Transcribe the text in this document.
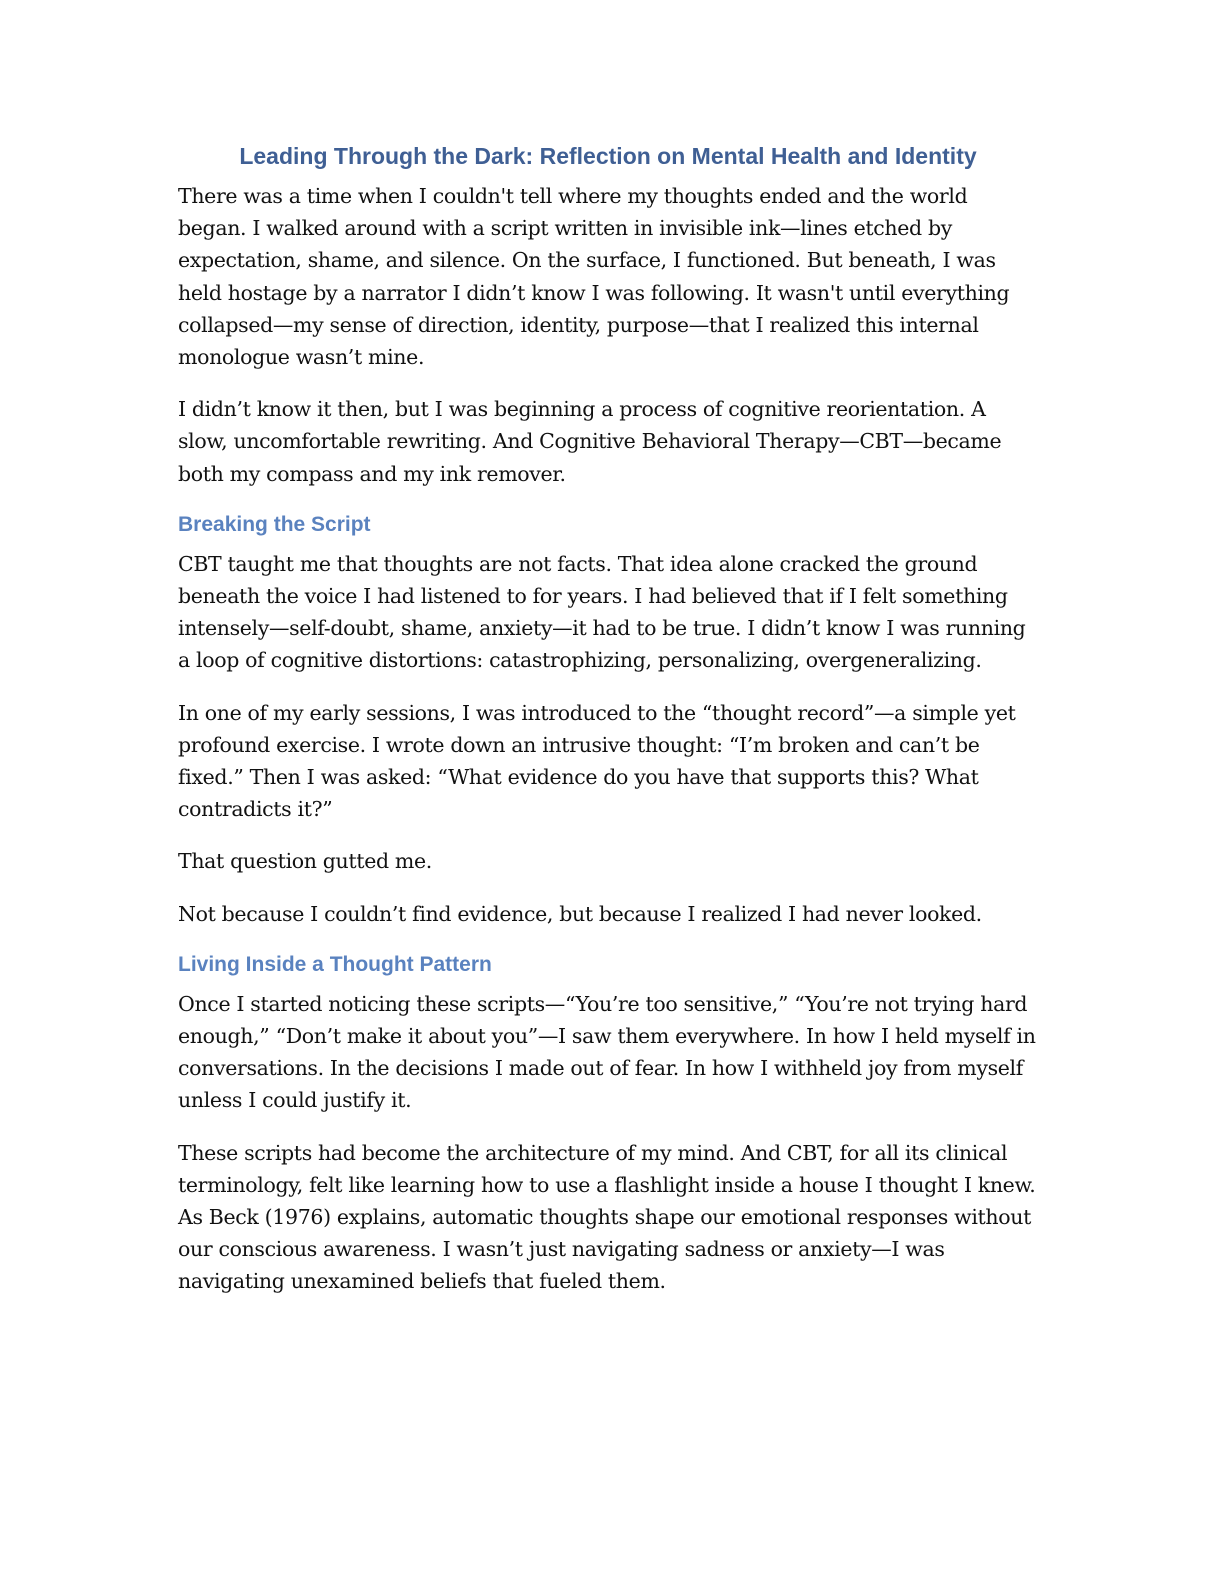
Leading Through the Dark: Reflection on Mental Health and Identity

There was a time when I couldn't tell where my thoughts ended and the world began. I walked around with a script written in invisible ink—lines etched by expectation, shame, and silence. On the surface, I functioned. But beneath, I was held hostage by a narrator I didn’t know I was following. It wasn't until everything collapsed—my sense of direction, identity, purpose—that I realized this internal monologue wasn’t mine.

I didn’t know it then, but I was beginning a process of cognitive reorientation. A slow, uncomfortable rewriting. And Cognitive Behavioral Therapy—CBT—became both my compass and my ink remover.

Breaking the Script

CBT taught me that thoughts are not facts. That idea alone cracked the ground beneath the voice I had listened to for years. I had believed that if I felt something intensely—self-doubt, shame, anxiety—it had to be true. I didn’t know I was running a loop of cognitive distortions: catastrophizing, personalizing, overgeneralizing.

In one of my early sessions, I was introduced to the “thought record”—a simple yet profound exercise. I wrote down an intrusive thought: “I’m broken and can’t be fixed.” Then I was asked: “What evidence do you have that supports this? What contradicts it?”

That question gutted me.

Not because I couldn’t find evidence, but because I realized I had never looked.

Living Inside a Thought Pattern

Once I started noticing these scripts—“You’re too sensitive,” “You’re not trying hard enough,” “Don’t make it about you”—I saw them everywhere. In how I held myself in conversations. In the decisions I made out of fear. In how I withheld joy from myself unless I could justify it.

These scripts had become the architecture of my mind. And CBT, for all its clinical terminology, felt like learning how to use a flashlight inside a house I thought I knew. As Beck (1976) explains, automatic thoughts shape our emotional responses without our conscious awareness. I wasn’t just navigating sadness or anxiety—I was navigating unexamined beliefs that fueled them.
